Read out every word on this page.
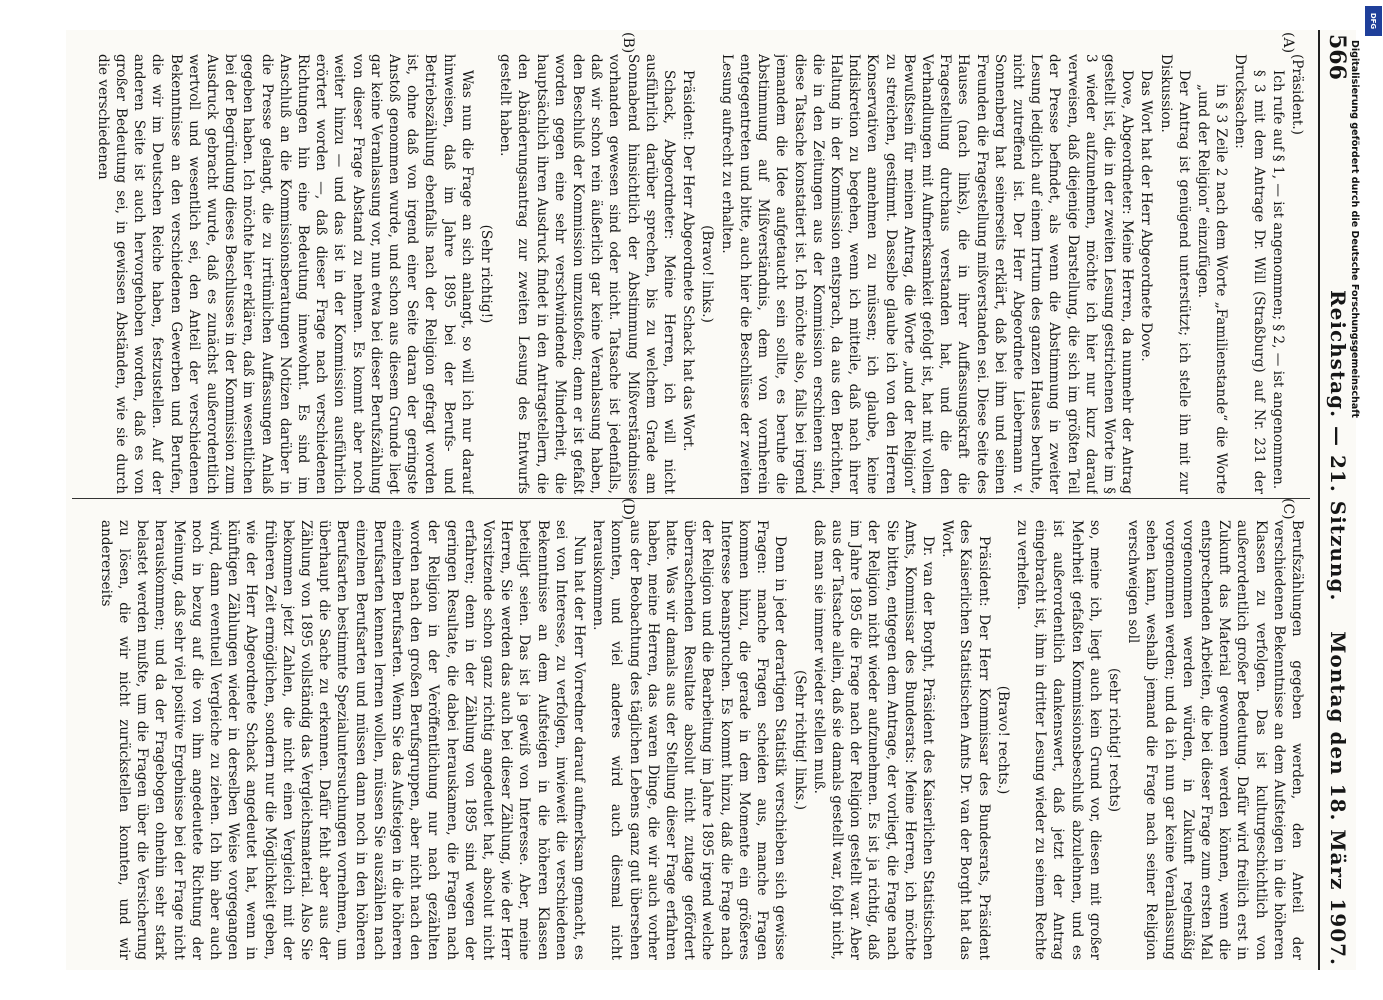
566
Reichstag. — 21. Sitzung.
Montag den 18. März 1907.
(A)
(B)
(C)
(D)

(Präsident.)

Ich rufe auf § 1, — ist angenommen; § 2, — ist angenommen.

§ 3 mit dem Antrage Dr. Will (Straßburg) auf Nr. 231 der Drucksachen:

in § 3 Zeile 2 nach dem Worte „Familienstande“ die Worte „und der Religion“ einzufügen.

Der Antrag ist genügend unterstützt; ich stelle ihn mit zur Diskussion.

Das Wort hat der Herr Abgeordnete Dove.

Dove, Abgeordneter: Meine Herren, da nunmehr der Antrag gestellt ist, die in der zweiten Lesung gestrichenen Worte im § 3 wieder aufzunehmen, möchte ich hier nur kurz darauf verweisen, daß diejenige Darstellung, die sich im größten Teil der Presse befindet, als wenn die Abstimmung in zweiter Lesung lediglich auf einem Irrtum des ganzen Hauses beruhte, nicht zutreffend ist. Der Herr Abgeordnete Liebermann v. Sonnenberg hat seinerseits erklärt, daß bei ihm und seinen Freunden die Fragestellung mißverstanden sei. Diese Seite des Hauses (nach links), die in ihrer Auffassungskraft die Fragestellung durchaus verstanden hat, und die den Verhandlungen mit Aufmerksamkeit gefolgt ist, hat mit vollem Bewußtsein für meinen Antrag, die Worte „und der Religion“ zu streichen, gestimmt. Dasselbe glaube ich von den Herren Konservativen annehmen zu müssen; ich glaube, keine Indiskretion zu begehen, wenn ich mitteile, daß nach ihrer Haltung in der Kommission entsprach, da aus den Berichten, die in den Zeitungen aus der Kommission erschienen sind, diese Tatsache konstatiert ist. Ich möchte also, falls bei irgend jemandem die Idee aufgetaucht sein sollte, es beruhe die Abstimmung auf Mißverständnis, dem von vornherein entgegentreten und bitte, auch hier die Beschlüsse der zweiten Lesung aufrecht zu erhalten.

(Bravo! links.)

Präsident: Der Herr Abgeordnete Schack hat das Wort.

Schack, Abgeordneter: Meine Herren, ich will nicht ausführlich darüber sprechen, bis zu welchem Grade am Sonnabend hinsichtlich der Abstimmung Mißverständnisse vorhanden gewesen sind oder nicht. Tatsache ist jedenfalls, daß wir schon rein äußerlich gar keine Veranlassung haben, den Beschluß der Kommission umzustoßen; denn er ist gefaßt worden gegen eine sehr verschwindende Minderheit, die hauptsächlich ihren Ausdruck findet in den Antragstellern, die den Abänderungsantrag zur zweiten Lesung des Entwurfs gestellt haben.

(Sehr richtig!)

Was nun die Frage an sich anlangt, so will ich nur darauf hinweisen, daß im Jahre 1895 bei der Berufs- und Betriebszählung ebenfalls nach der Religion gefragt worden ist, ohne daß von irgend einer Seite daran der geringste Anstoß genommen wurde, und schon aus diesem Grunde liegt gar keine Veranlassung vor, nun etwa bei dieser Berufszählung von dieser Frage Abstand zu nehmen. Es kommt aber noch weiter hinzu — und das ist in der Kommission ausführlich erörtert worden —, daß dieser Frage nach verschiedenen Richtungen hin eine Bedeutung innewohnt. Es sind im Anschluß an die Kommissionsberatungen Notizen darüber in die Presse gelangt, die zu irrtümlichen Auffassungen Anlaß gegeben haben. Ich möchte hier erklären, daß im wesentlichen bei der Begründung dieses Beschlusses in der Kommission zum Ausdruck gebracht wurde, daß es zunächst außerordentlich wertvoll und wesentlich sei, den Anteil der verschiedenen Bekenntnisse an den verschiedenen Gewerben und Berufen, die wir im Deutschen Reiche haben, festzustellen. Auf der anderen Seite ist auch hervorgehoben worden, daß es von großer Bedeutung sei, in gewissen Abständen, wie sie durch die verschiedenen

Berufszählungen gegeben werden, den Anteil der verschiedenen Bekenntnisse an dem Aufsteigen in die höheren Klassen zu verfolgen. Das ist kulturgeschichtlich von außerordentlich großer Bedeutung. Dafür wird freilich erst in Zukunft das Material gewonnen werden können, wenn die entsprechenden Arbeiten, die bei dieser Frage zum ersten Mal vorgenommen werden würden, in Zukunft regelmäßig vorgenommen werden; und da ich nun gar keine Veranlassung sehen kann, weshalb jemand die Frage nach seiner Religion verschweigen soll

(sehr richtig! rechts)

so, meine ich, liegt auch kein Grund vor, diesen mit großer Mehrheit gefaßten Kommissionsbeschluß abzulehnen, und es ist außerordentlich dankenswert, daß jetzt der Antrag eingebracht ist, ihm in dritter Lesung wieder zu seinem Rechte zu verhelfen.

(Bravo! rechts.)

Präsident: Der Herr Kommissar des Bundesrats, Präsident des Kaiserlichen Statistischen Amts Dr. van der Borght hat das Wort.

Dr. van der Borght, Präsident des Kaiserlichen Statistischen Amts, Kommissar des Bundesrats: Meine Herren, ich möchte Sie bitten, entgegen dem Antrage, der vorliegt, die Frage nach der Religion nicht wieder aufzunehmen. Es ist ja richtig, daß im Jahre 1895 die Frage nach der Religion gestellt war. Aber aus der Tatsache allein, daß sie damals gestellt war, folgt nicht, daß man sie immer wieder stellen muß.

(Sehr richtig! links.)

Denn in jeder derartigen Statistik verschieben sich gewisse Fragen: manche Fragen scheiden aus, manche Fragen kommen hinzu, die gerade in dem Momente ein größeres Interesse beanspruchen. Es kommt hinzu, daß die Frage nach der Religion und die Bearbeitung im Jahre 1895 irgend welche überraschenden Resultate absolut nicht zutage gefördert hatte. Was wir damals aus der Stellung dieser Frage erfahren haben, meine Herren, das waren Dinge, die wir auch vorher aus der Beobachtung des täglichen Lebens ganz gut übersehen konnten, und viel anderes wird auch diesmal nicht herauskommen.

Nun hat der Herr Vorredner darauf aufmerksam gemacht, es sei von Interesse, zu verfolgen, inwieweit die verschiedenen Bekenntnisse an dem Aufsteigen in die höheren Klassen beteiligt seien. Das ist ja gewiß von Interesse. Aber, meine Herren, Sie werden das auch bei dieser Zählung, wie der Herr Vorsitzende schon ganz richtig angedeutet hat, absolut nicht erfahren; denn in der Zählung von 1895 sind wegen der geringen Resultate, die dabei herauskamen, die Fragen nach der Religion in der Veröffentlichung nur nach gezählten worden nach den großen Berufsgruppen, aber nicht nach den einzelnen Berufsarten. Wenn Sie das Aufsteigen in die höheren Berufsarten kennen lernen wollen, müssen Sie auszählen nach einzelnen Berufsarten und müssen dann noch in den höheren Berufsarten bestimmte Spezialuntersuchungen vornehmen, um überhaupt die Sache zu erkennen. Dafür fehlt aber aus der Zählung von 1895 vollständig das Vergleichsmaterial. Also Sie bekommen jetzt Zahlen, die nicht einen Vergleich mit der früheren Zeit ermöglichen, sondern nur die Möglichkeit geben, wie der Herr Abgeordnete Schack angedeutet hat, wenn in künftigen Zählungen wieder in derselben Weise vorgegangen wird, dann eventuell Vergleiche zu ziehen. Ich bin aber auch noch in bezug auf die von ihm angedeutete Richtung der Meinung, daß sehr viel positive Ergebnisse bei der Frage nicht herauskommen; und da der Fragebogen ohnehin sehr stark belastet werden mußte, um die Fragen über die Versicherung zu lösen, die wir nicht zurückstellen konnten, und wir andererseits

DFG
Digitalisierung gefördert durch die Deutsche Forschungsgemeinschaft
